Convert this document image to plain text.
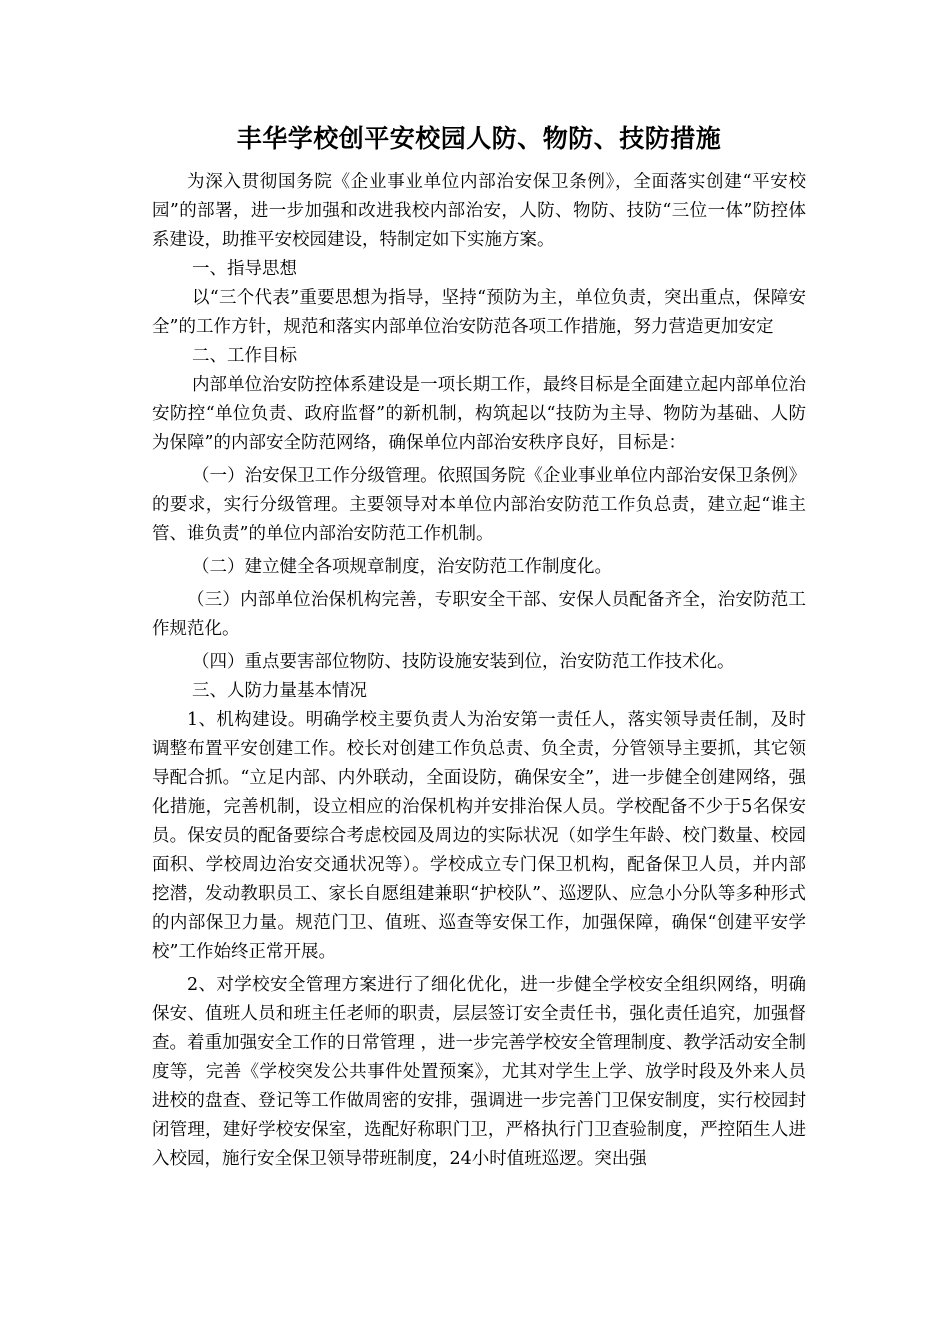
丰华学校创平安校园人防、物防、技防措施

为深入贯彻国务院《企业事业单位内部治安保卫条例》，全面落实创建“平安校园”的部署，进一步加强和改进我校内部治安，人防、物防、技防“三位一体”防控体系建设，助推平安校园建设，特制定如下实施方案。

一、指导思想

以“三个代表”重要思想为指导，坚持“预防为主，单位负责，突出重点，保障安全”的工作方针，规范和落实内部单位治安防范各项工作措施，努力营造更加安定

二、工作目标

内部单位治安防控体系建设是一项长期工作，最终目标是全面建立起内部单位治安防控“单位负责、政府监督”的新机制，构筑起以“技防为主导、物防为基础、人防为保障”的内部安全防范网络，确保单位内部治安秩序良好，目标是：

（一）治安保卫工作分级管理。依照国务院《企业事业单位内部治安保卫条例》的要求，实行分级管理。主要领导对本单位内部治安防范工作负总责，建立起“谁主管、谁负责”的单位内部治安防范工作机制。

（二）建立健全各项规章制度，治安防范工作制度化。

（三）内部单位治保机构完善，专职安全干部、安保人员配备齐全，治安防范工作规范化。

（四）重点要害部位物防、技防设施安装到位，治安防范工作技术化。

三、人防力量基本情况

1、机构建设。明确学校主要负责人为治安第一责任人，落实领导责任制，及时调整布置平安创建工作。校长对创建工作负总责、负全责，分管领导主要抓，其它领导配合抓。“立足内部、内外联动，全面设防，确保安全”，进一步健全创建网络，强化措施，完善机制，设立相应的治保机构并安排治保人员。学校配备不少于5名保安员。保安员的配备要综合考虑校园及周边的实际状况（如学生年龄、校门数量、校园面积、学校周边治安交通状况等）。学校成立专门保卫机构，配备保卫人员，并内部挖潜，发动教职员工、家长自愿组建兼职“护校队”、巡逻队、应急小分队等多种形式的内部保卫力量。规范门卫、值班、巡查等安保工作，加强保障，确保“创建平安学校”工作始终正常开展。

2、对学校安全管理方案进行了细化优化，进一步健全学校安全组织网络，明确保安、值班人员和班主任老师的职责，层层签订安全责任书，强化责任追究，加强督查。着重加强安全工作的日常管理 ，进一步完善学校安全管理制度、教学活动安全制度等，完善《学校突发公共事件处置预案》，尤其对学生上学、放学时段及外来人员进校的盘查、登记等工作做周密的安排，强调进一步完善门卫保安制度，实行校园封闭管理，建好学校安保室，选配好称职门卫，严格执行门卫查验制度，严控陌生人进入校园，施行安全保卫领导带班制度，24小时值班巡逻。突出强
